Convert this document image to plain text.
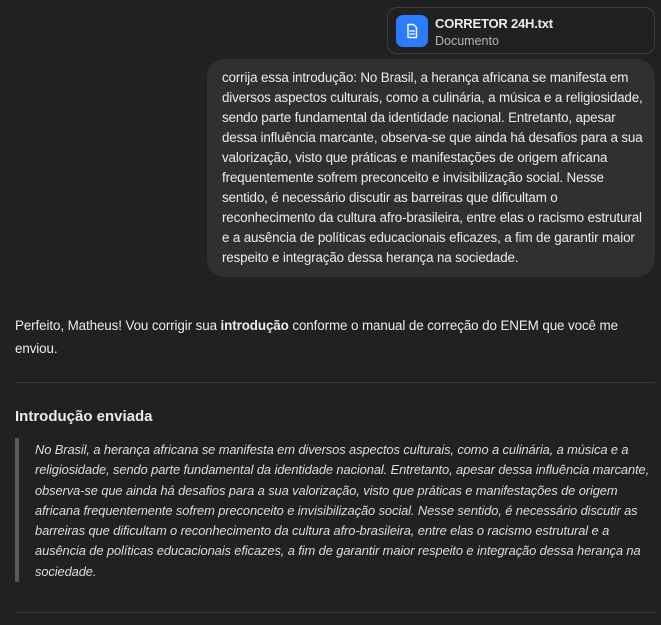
CORRETOR 24H.txt
Documento
corrija essa introdução: No Brasil, a herança africana se manifesta em diversos aspectos culturais, como a culinária, a música e a religiosidade, sendo parte fundamental da identidade nacional. Entretanto, apesar dessa influência marcante, observa-se que ainda há desafios para a sua valorização, visto que práticas e manifestações de origem africana frequentemente sofrem preconceito e invisibilização social. Nesse sentido, é necessário discutir as barreiras que dificultam o reconhecimento da cultura afro-brasileira, entre elas o racismo estrutural e a ausência de políticas educacionais eficazes, a fim de garantir maior respeito e integração dessa herança na sociedade.
Perfeito, Matheus! Vou corrigir sua introdução conforme o manual de correção do ENEM que você me enviou.
Introdução enviada
No Brasil, a herança africana se manifesta em diversos aspectos culturais, como a culinária, a música e a religiosidade, sendo parte fundamental da identidade nacional. Entretanto, apesar dessa influência marcante, observa-se que ainda há desafios para a sua valorização, visto que práticas e manifestações de origem africana frequentemente sofrem preconceito e invisibilização social. Nesse sentido, é necessário discutir as barreiras que dificultam o reconhecimento da cultura afro-brasileira, entre elas o racismo estrutural e a ausência de políticas educacionais eficazes, a fim de garantir maior respeito e integração dessa herança na sociedade.
